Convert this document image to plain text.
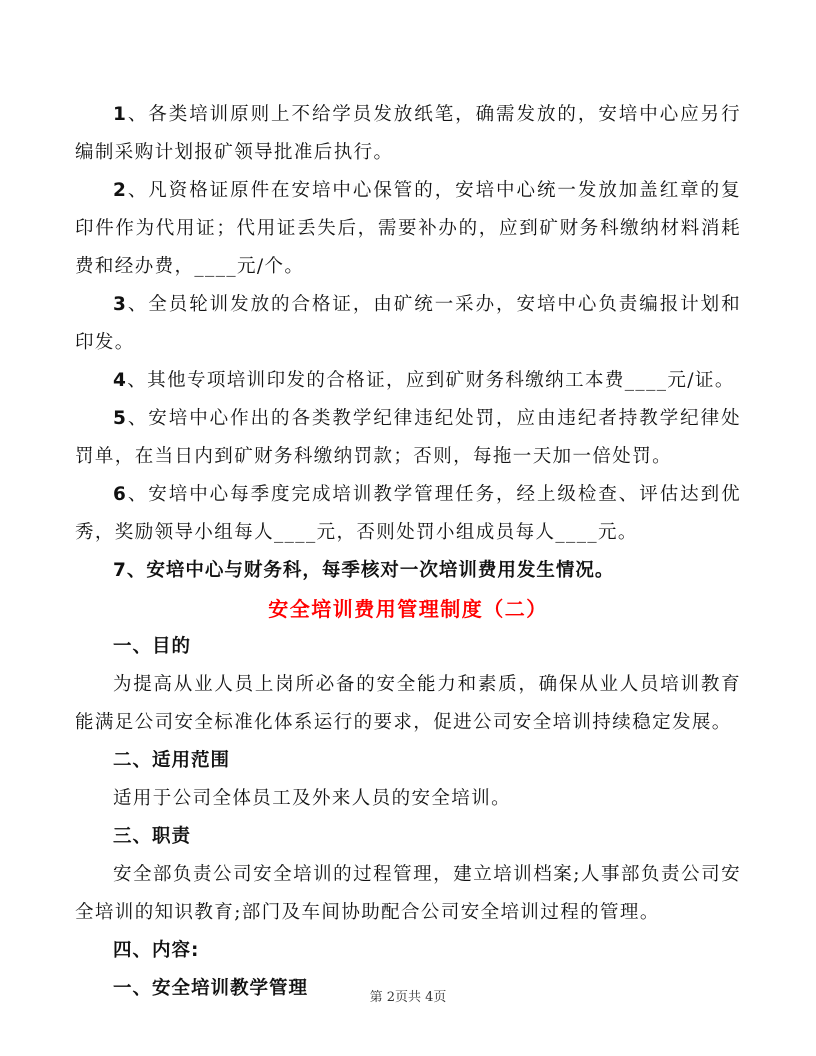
1、各类培训原则上不给学员发放纸笔，确需发放的，安培中心应另行编制采购计划报矿领导批准后执行。

2、凡资格证原件在安培中心保管的，安培中心统一发放加盖红章的复印件作为代用证；代用证丢失后，需要补办的，应到矿财务科缴纳材料消耗费和经办费，____元/个。

3、全员轮训发放的合格证，由矿统一采办，安培中心负责编报计划和印发。

4、其他专项培训印发的合格证，应到矿财务科缴纳工本费____元/证。

5、安培中心作出的各类教学纪律违纪处罚，应由违纪者持教学纪律处罚单，在当日内到矿财务科缴纳罚款；否则，每拖一天加一倍处罚。

6、安培中心每季度完成培训教学管理任务，经上级检查、评估达到优秀，奖励领导小组每人____元，否则处罚小组成员每人____元。

7、安培中心与财务科，每季核对一次培训费用发生情况。

安全培训费用管理制度（二）

一、目的

为提高从业人员上岗所必备的安全能力和素质，确保从业人员培训教育能满足公司安全标准化体系运行的要求，促进公司安全培训持续稳定发展。

二、适用范围

适用于公司全体员工及外来人员的安全培训。

三、职责

安全部负责公司安全培训的过程管理，建立培训档案;人事部负责公司安全培训的知识教育;部门及车间协助配合公司安全培训过程的管理。

四、内容:

一、安全培训教学管理	第 2页共 4页
